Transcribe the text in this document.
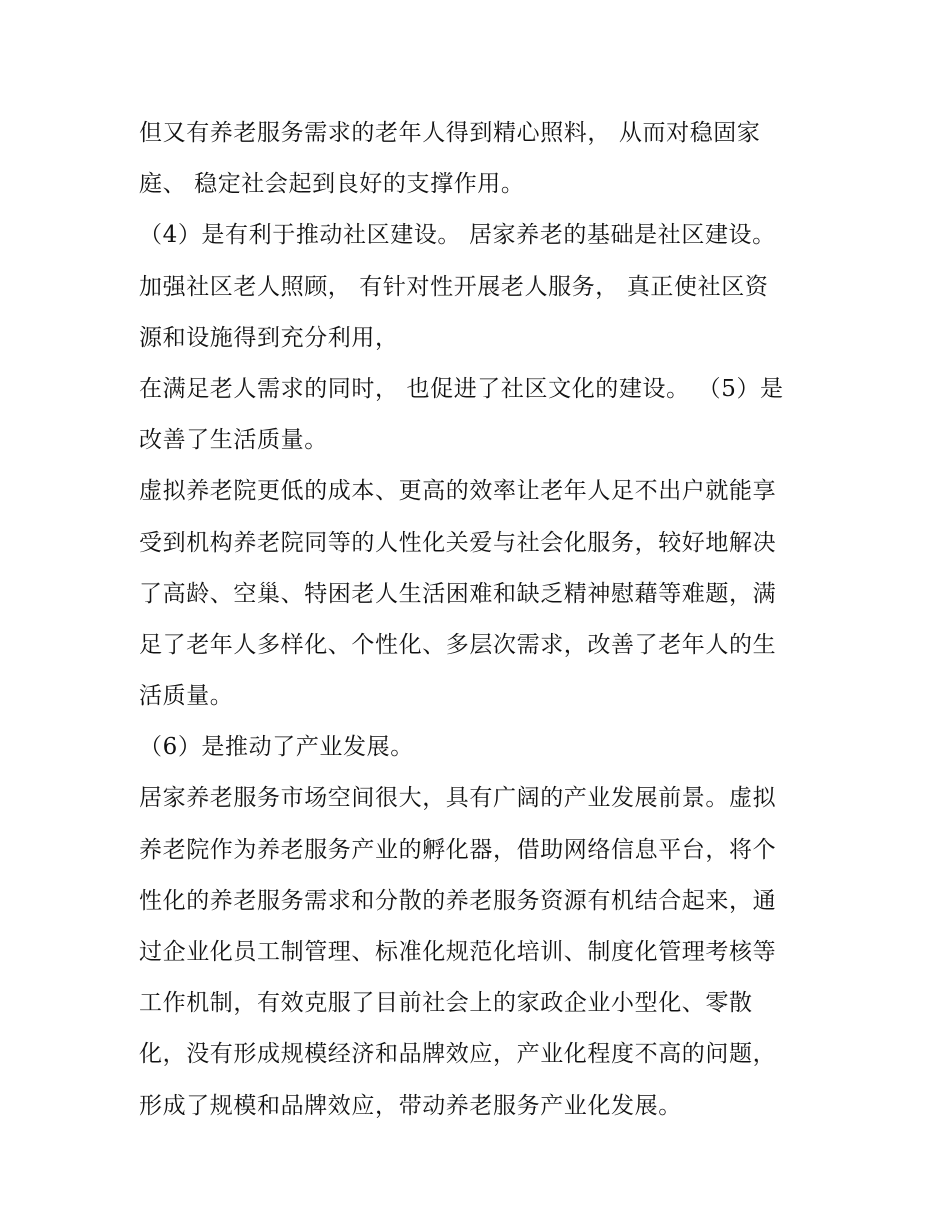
但又有养老服务需求的老年人得到精心照料， 从而对稳固家
庭、 稳定社会起到良好的支撑作用。
（4）是有利于推动社区建设。 居家养老的基础是社区建设。
加强社区老人照顾， 有针对性开展老人服务， 真正使社区资
源和设施得到充分利用，
在满足老人需求的同时， 也促进了社区文化的建设。 （5）是
改善了生活质量。
虚拟养老院更低的成本、更高的效率让老年人足不出户就能享
受到机构养老院同等的人性化关爱与社会化服务，较好地解决
了高龄、空巢、特困老人生活困难和缺乏精神慰藉等难题，满
足了老年人多样化、个性化、多层次需求，改善了老年人的生
活质量。
（6）是推动了产业发展。
居家养老服务市场空间很大，具有广阔的产业发展前景。虚拟
养老院作为养老服务产业的孵化器，借助网络信息平台，将个
性化的养老服务需求和分散的养老服务资源有机结合起来，通
过企业化员工制管理、标准化规范化培训、制度化管理考核等
工作机制，有效克服了目前社会上的家政企业小型化、零散
化，没有形成规模经济和品牌效应，产业化程度不高的问题，
形成了规模和品牌效应，带动养老服务产业化发展。
